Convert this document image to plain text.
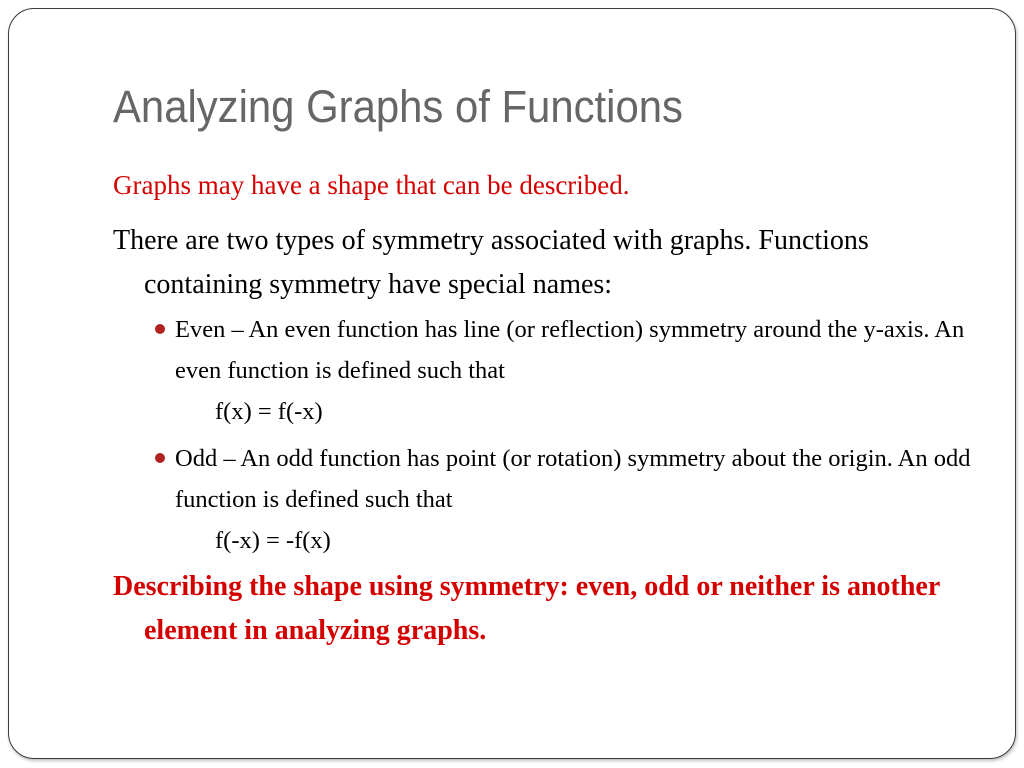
Analyzing Graphs of Functions

Graphs may have a shape that can be described.

There are two types of symmetry associated with graphs. Functions containing symmetry have special names:

Even – An even function has line (or reflection) symmetry around the y-axis. An even function is defined such that
f(x) = f(-x)
Odd – An odd function has point (or rotation) symmetry about the origin. An odd function is defined such that
f(-x) = -f(x)

Describing the shape using symmetry: even, odd or neither is another element in analyzing graphs.
